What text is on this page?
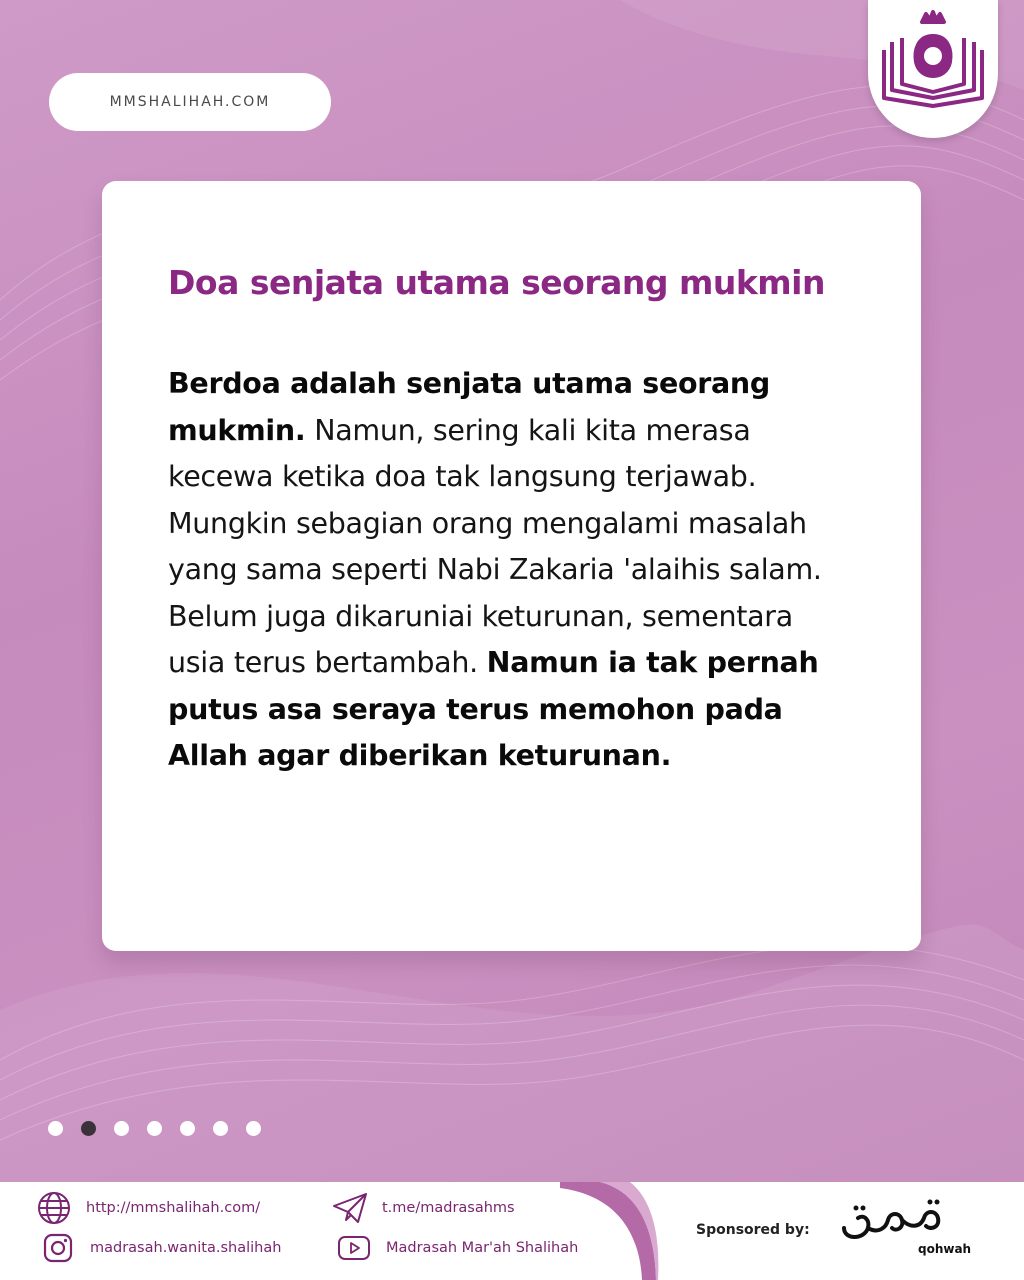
MMSHALIHAH.COM
Doa senjata utama seorang mukmin
Berdoa adalah senjata utama seorang mukmin. Namun, sering kali kita merasa kecewa ketika doa tak langsung terjawab. Mungkin sebagian orang mengalami masalah yang sama seperti Nabi Zakaria 'alaihis salam. Belum juga dikaruniai keturunan, sementara usia terus bertambah. Namun ia tak pernah putus asa seraya terus memohon pada Allah agar diberikan keturunan.
http://mmshalihah.com/
madrasah.wanita.shalihah
t.me/madrasahms
Madrasah Mar'ah Shalihah
Sponsored by:
qohwah
